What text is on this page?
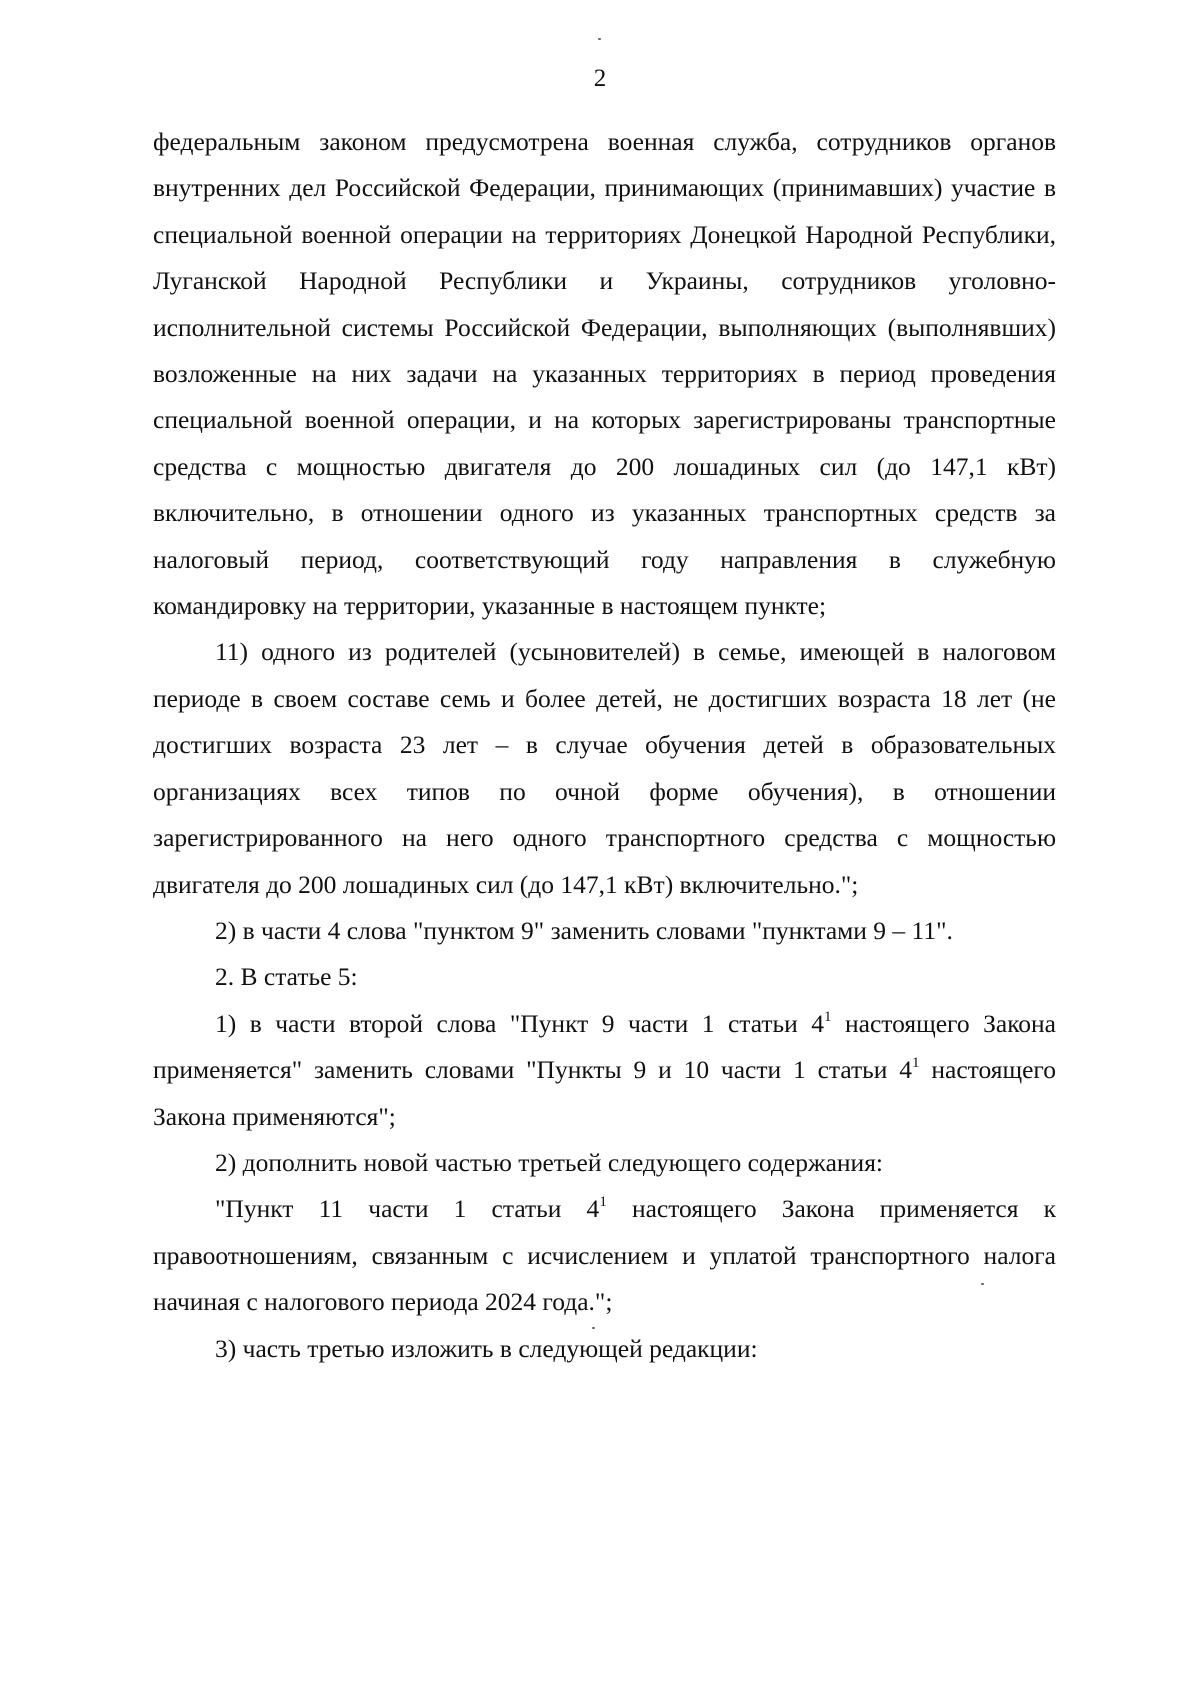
2

федеральным законом предусмотрена военная служба, сотрудников органов внутренних дел Российской Федерации, принимающих (принимавших) участие в специальной военной операции на территориях Донецкой Народной Республики, Луганской Народной Республики и Украины, сотрудников уголовно-исполнительной системы Российской Федерации, выполняющих (выполнявших) возложенные на них задачи на указанных территориях в период проведения специальной военной операции, и на которых зарегистрированы транспортные средства с мощностью двигателя до 200 лошадиных сил (до 147,1 кВт) включительно, в отношении одного из указанных транспортных средств за налоговый период, соответствующий году направления в служебную командировку на территории, указанные в настоящем пункте;

11) одного из родителей (усыновителей) в семье, имеющей в налоговом периоде в своем составе семь и более детей, не достигших возраста 18 лет (не достигших возраста 23 лет – в случае обучения детей в образовательных организациях всех типов по очной форме обучения), в отношении зарегистрированного на него одного транспортного средства с мощностью двигателя до 200 лошадиных сил (до 147,1 кВт) включительно.";

2) в части 4 слова "пунктом 9" заменить словами "пунктами 9 – 11".

2. В статье 5:

1) в части второй слова "Пункт 9 части 1 статьи $4^1$ настоящего Закона применяется" заменить словами "Пункты 9 и 10 части 1 статьи $4^1$ настоящего Закона применяются";

2) дополнить новой частью третьей следующего содержания:

"Пункт 11 части 1 статьи $4^1$ настоящего Закона применяется к правоотношениям, связанным с исчислением и уплатой транспортного налога начиная с налогового периода 2024 года.";

3) часть третью изложить в следующей редакции:
